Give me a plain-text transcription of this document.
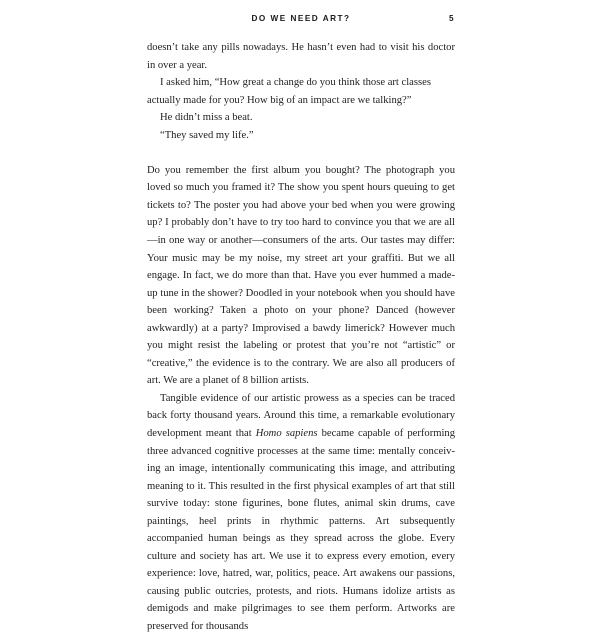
DO WE NEED ART?	5

doesn’t take any pills nowadays. He hasn’t even had to visit his doctor in over a year.

I asked him, “How great a change do you think those art classes actually made for you? How big of an impact are we talking?”

He didn’t miss a beat.

“They saved my life.”

Do you remember the first album you bought? The photograph you loved so much you framed it? The show you spent hours queuing to get tickets to? The poster you had above your bed when you were growing up? I probably don’t have to try too hard to convince you that we are all—in one way or another—consumers of the arts. Our tastes may differ: Your music may be my noise, my street art your graffiti. But we all engage. In fact, we do more than that. Have you ever hummed a made-up tune in the shower? Doodled in your notebook when you should have been working? Taken a photo on your phone? Danced (however awkwardly) at a party? Improvised a bawdy limerick? However much you might resist the labeling or protest that you’re not “artistic” or “creative,” the evidence is to the contrary. We are also all producers of art. We are a planet of 8 billion artists.

Tangible evidence of our artistic prowess as a species can be traced back forty thousand years. Around this time, a remarkable evolutionary development meant that Homo sapiens became capable of performing three advanced cognitive processes at the same time: mentally conceiving an image, intentionally communicating this image, and attributing meaning to it. This resulted in the first physical examples of art that still survive today: stone figurines, bone flutes, animal skin drums, cave paintings, heel prints in rhythmic patterns. Art subsequently accompanied human beings as they spread across the globe. Every culture and society has art. We use it to express every emotion, every experience: love, hatred, war, politics, peace. Art awakens our passions, causing public outcries, protests, and riots. Humans idolize artists as demigods and make pilgrimages to see them perform. Artworks are preserved for thousands
